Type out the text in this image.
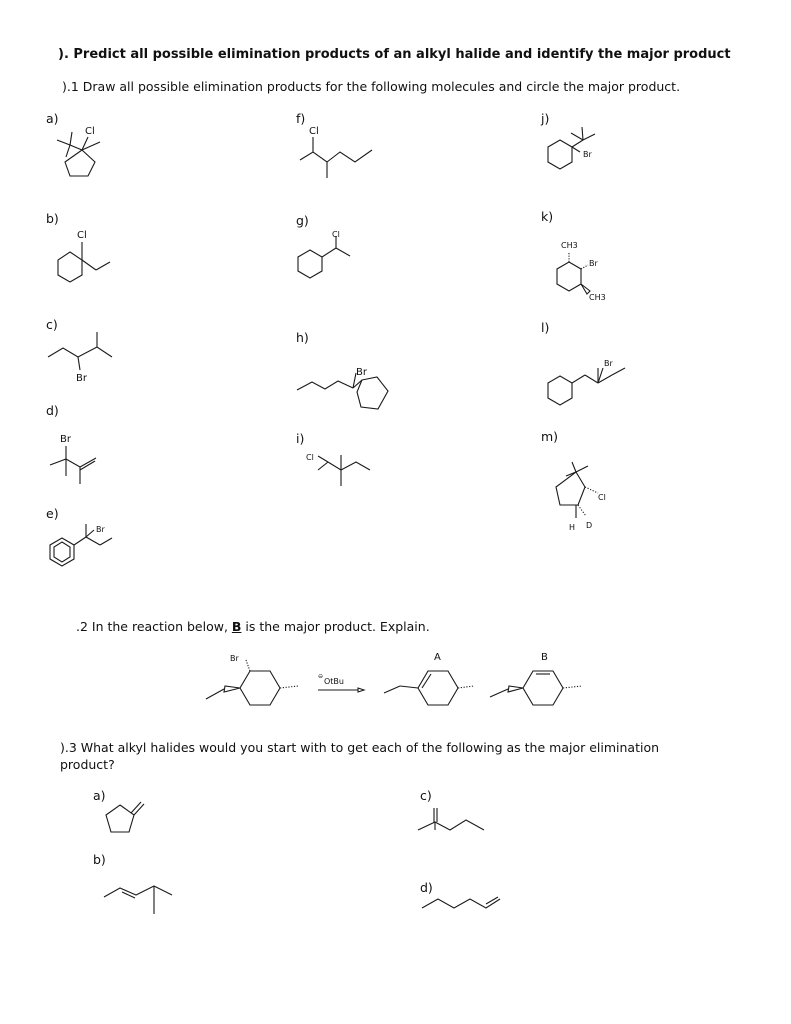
). Predict all possible elimination products of an alkyl halide and identify the major product
).1 Draw all possible elimination products for the following molecules and circle the major product.
a)
b)
c)
d)
e)
f)
g)
h)
i)
j)
k)
l)
m)
.2 In the reaction below, B is the major product. Explain.
).3 What alkyl halides would you start with to get each of the following as the major elimination
product?
a)
b)
c)
d)
Cl
Cl
Br
Br
Br
Cl
Cl
Br
Cl
Br
CH3
Br
CH3
Br
Cl
H D
Br
⊖
OtBu
A	B
